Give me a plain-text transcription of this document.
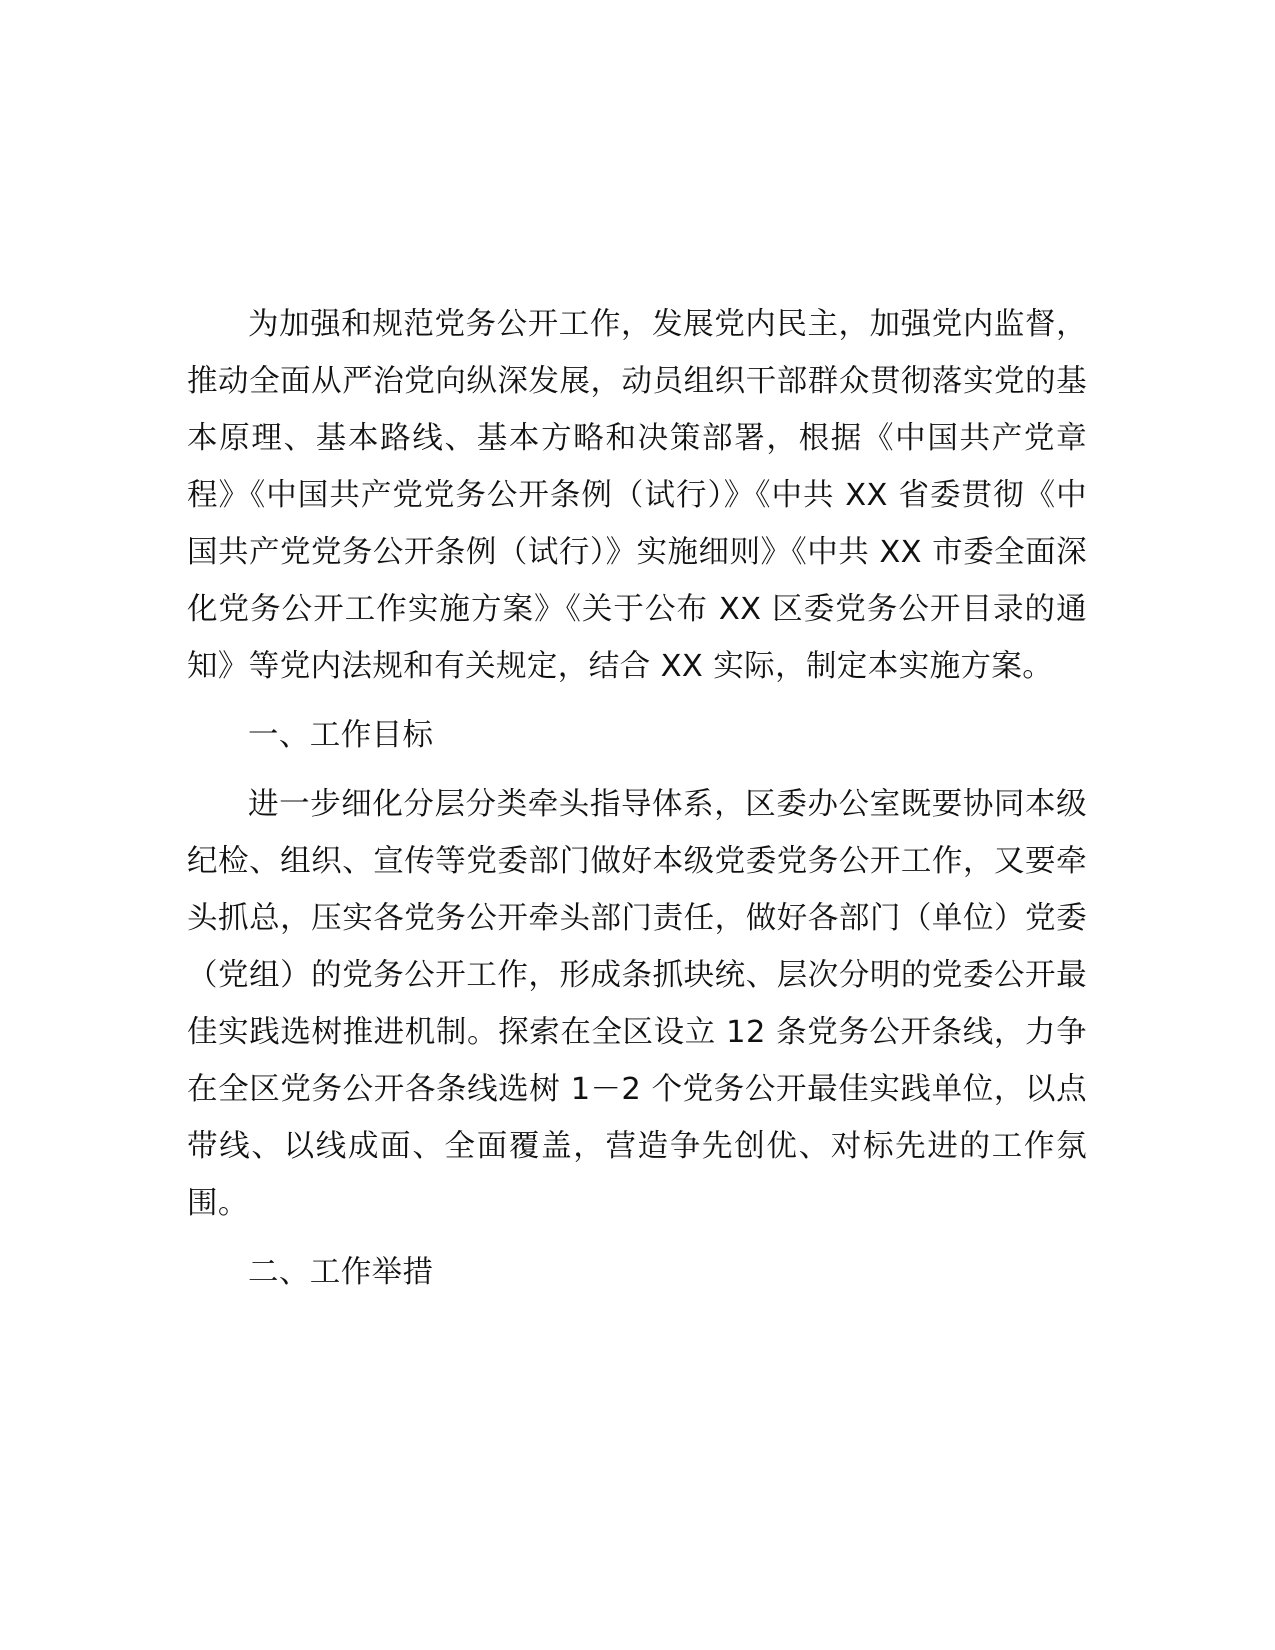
为加强和规范党务公开工作，发展党内民主，加强党内监督，推动全面从严治党向纵深发展，动员组织干部群众贯彻落实党的基本原理、基本路线、基本方略和决策部署，根据《中国共产党章程》《中国共产党党务公开条例（试行）》《中共 XX 省委贯彻《中国共产党党务公开条例（试行）》实施细则》《中共 XX 市委全面深化党务公开工作实施方案》《关于公布 XX 区委党务公开目录的通知》等党内法规和有关规定，结合 XX 实际，制定本实施方案。

一、工作目标

进一步细化分层分类牵头指导体系，区委办公室既要协同本级纪检、组织、宣传等党委部门做好本级党委党务公开工作，又要牵头抓总，压实各党务公开牵头部门责任，做好各部门（单位）党委（党组）的党务公开工作，形成条抓块统、层次分明的党委公开最佳实践选树推进机制。探索在全区设立 12 条党务公开条线，力争在全区党务公开各条线选树 1－2 个党务公开最佳实践单位，以点带线、以线成面、全面覆盖，营造争先创优、对标先进的工作氛围。

二、工作举措
